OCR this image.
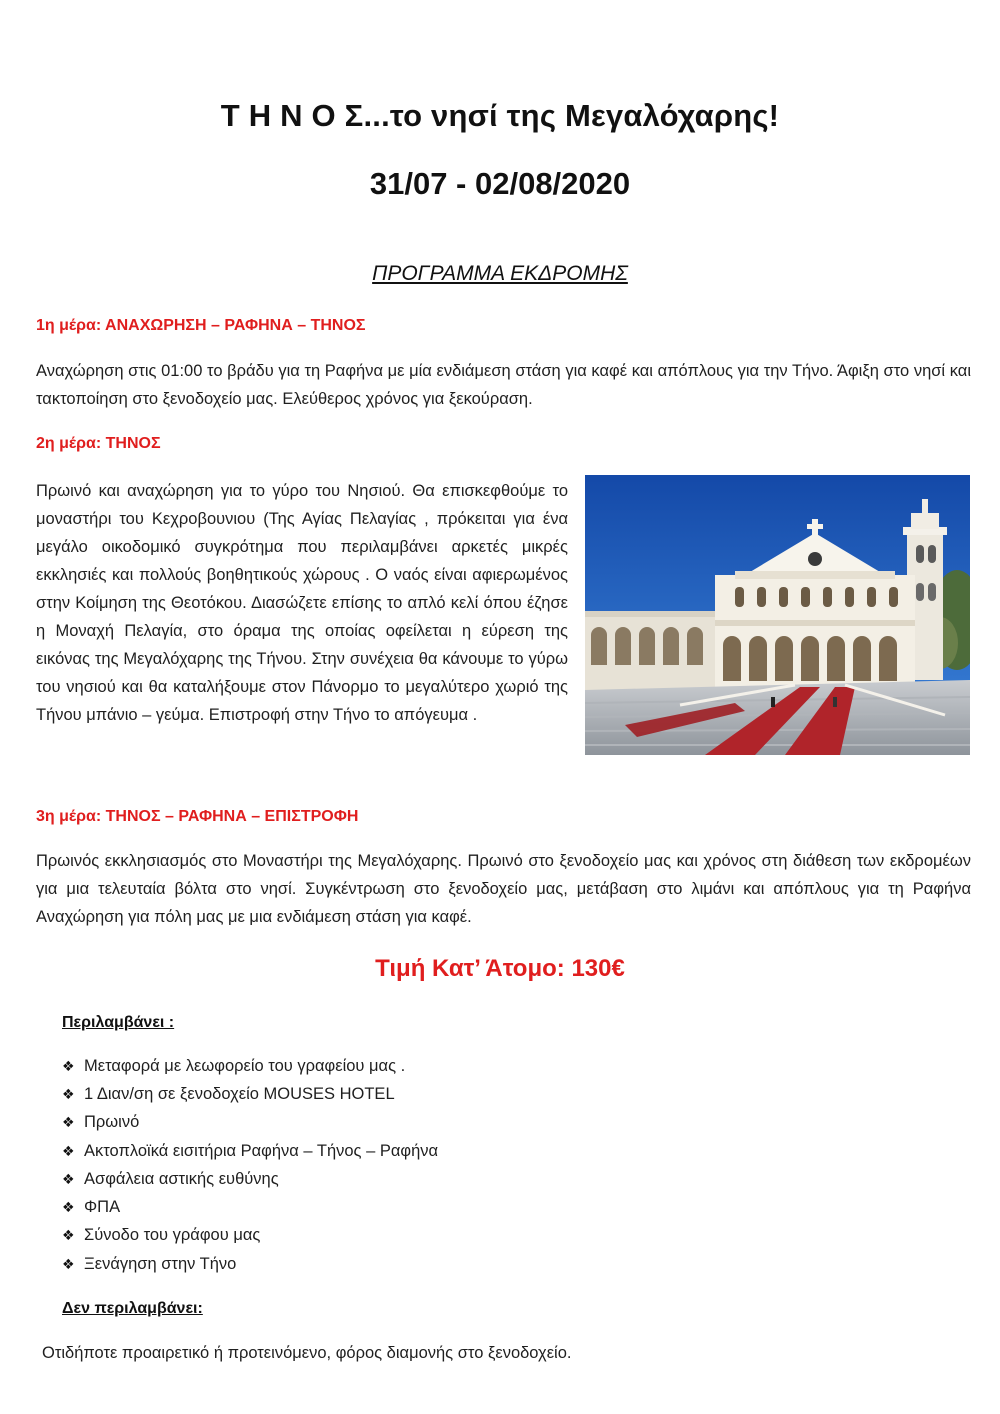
Τ Η Ν Ο Σ...το νησί της Μεγαλόχαρης!
31/07 - 02/08/2020
ΠΡΟΓΡΑΜΜΑ ΕΚΔΡΟΜΗΣ
1η μέρα: ΑΝΑΧΩΡΗΣΗ – ΡΑΦΗΝΑ – ΤΗΝΟΣ
Αναχώρηση στις 01:00 το βράδυ για τη Ραφήνα με μία ενδιάμεση στάση για καφέ και απόπλους για την Τήνο. Άφιξη στο νησί και τακτοποίηση στο ξενοδοχείο μας. Ελεύθερος χρόνος για ξεκούραση.
2η μέρα: ΤΗΝΟΣ
Πρωινό και αναχώρηση για το γύρο του Νησιού. Θα επισκεφθούμε το μοναστήρι του Κεχροβουνιου (Της Αγίας Πελαγίας , πρόκειται για ένα μεγάλο οικοδομικό συγκρότημα που περιλαμβάνει αρκετές μικρές εκκλησιές και πολλούς βοηθητικούς χώρους . Ο ναός είναι αφιερωμένος στην Κοίμηση της Θεοτόκου. Διασώζετε επίσης το απλό κελί όπου έζησε η Μοναχή Πελαγία, στο όραμα της οποίας οφείλεται η εύρεση της εικόνας της Μεγαλόχαρης της Τήνου. Στην συνέχεια θα κάνουμε το γύρω του νησιού και θα καταλήξουμε στον Πάνορμο το μεγαλύτερο χωριό της Τήνου μπάνιο – γεύμα. Επιστροφή στην Τήνο το απόγευμα .
3η μέρα: ΤΗΝΟΣ – ΡΑΦΗΝΑ – ΕΠΙΣΤΡΟΦΗ
Πρωινός εκκλησιασμός στο Μοναστήρι της Μεγαλόχαρης. Πρωινό στο ξενοδοχείο μας και χρόνος στη διάθεση των εκδρομέων για μια τελευταία βόλτα στο νησί. Συγκέντρωση στο ξενοδοχείο μας, μετάβαση στο λιμάνι και απόπλους για τη Ραφήνα Αναχώρηση για πόλη μας με μια ενδιάμεση στάση για καφέ.
Τιμή Κατ’ Άτομο: 130€
Περιλαμβάνει :
❖ Μεταφορά με λεωφορείο του γραφείου μας .
❖ 1 Διαν/ση σε ξενοδοχείο MOUSES HOTEL
❖ Πρωινό
❖ Ακτοπλοϊκά εισιτήρια Ραφήνα – Τήνος – Ραφήνα
❖ Ασφάλεια αστικής ευθύνης
❖ ΦΠΑ
❖ Σύνοδο του γράφου μας
❖ Ξενάγηση στην Τήνο
Δεν περιλαμβάνει:
Οτιδήποτε προαιρετικό ή προτεινόμενο, φόρος διαμονής στο ξενοδοχείο.
